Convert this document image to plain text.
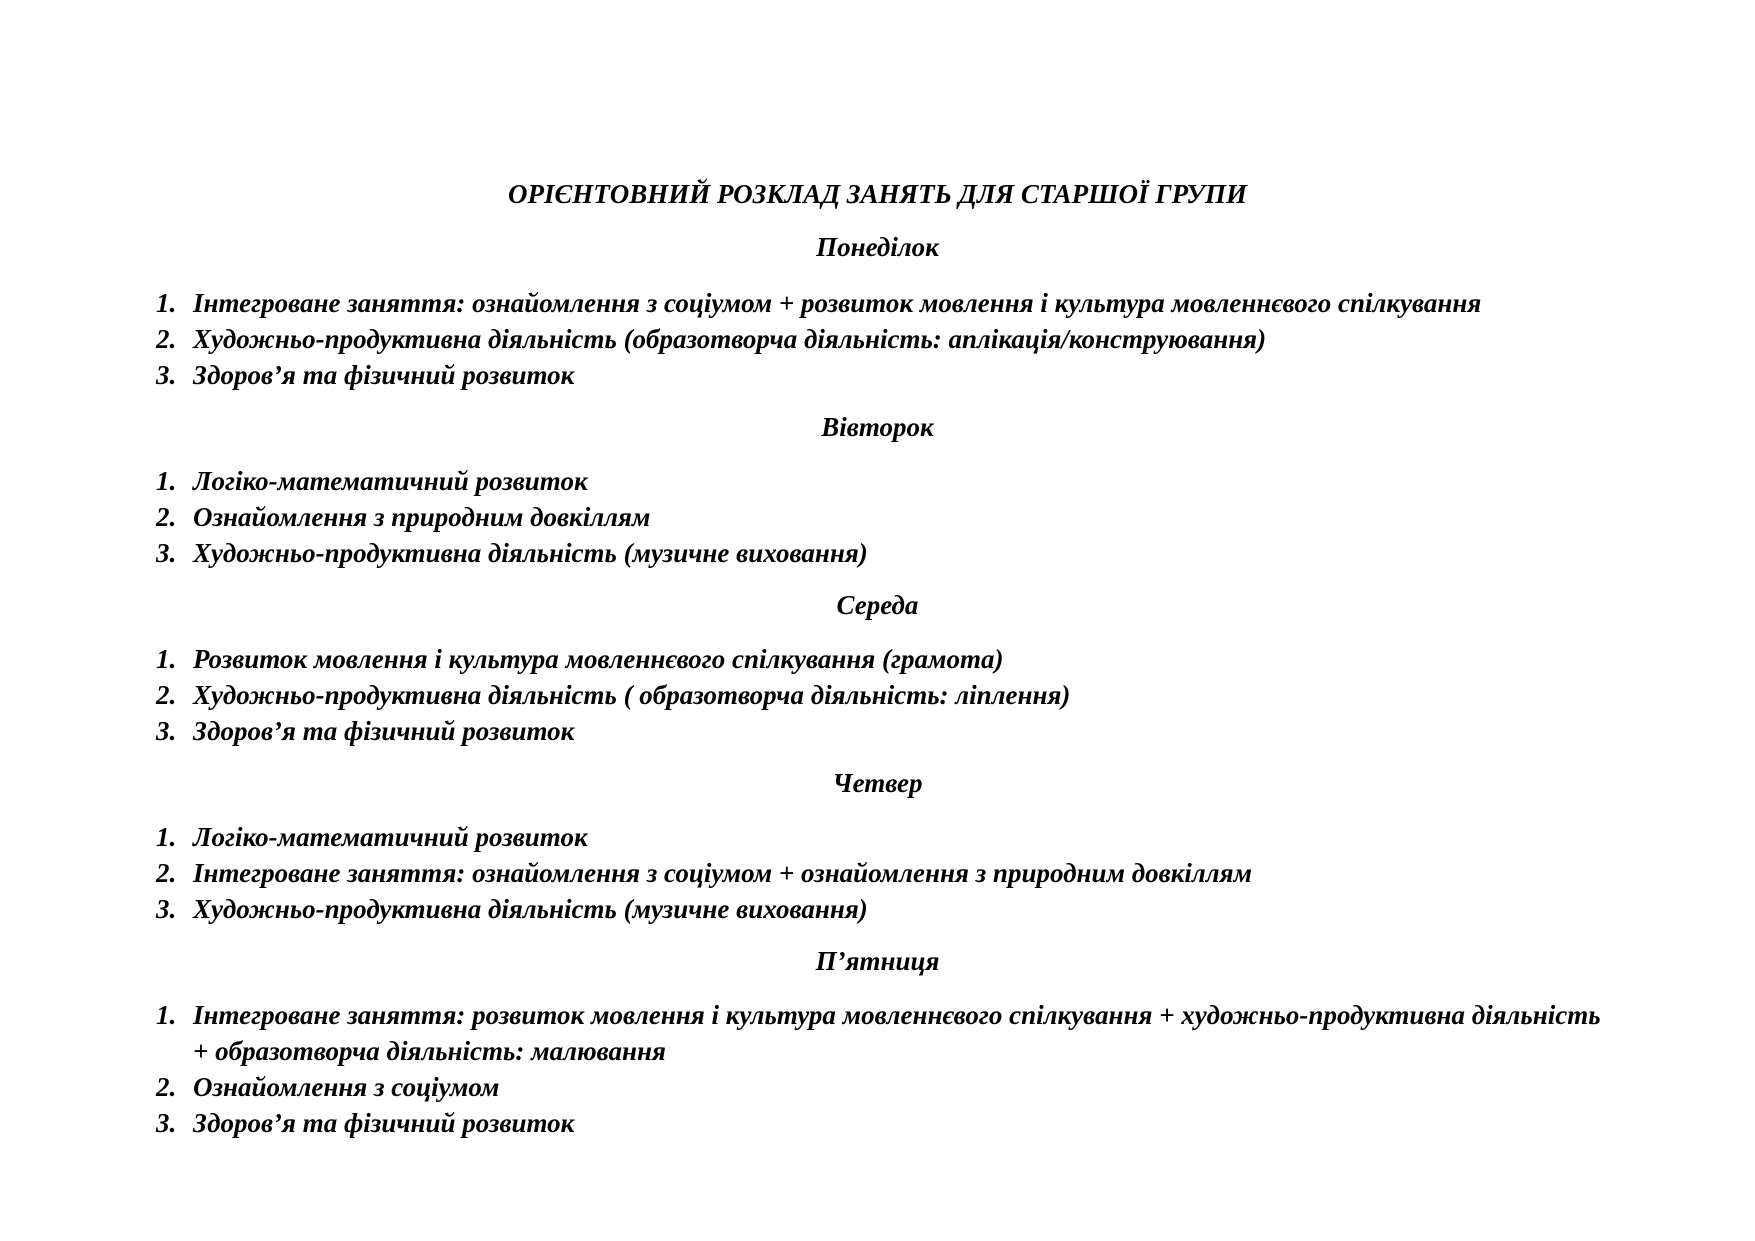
ОРІЄНТОВНИЙ РОЗКЛАД ЗАНЯТЬ ДЛЯ СТАРШОЇ ГРУПИ
Понеділок
1. Інтегроване заняття: ознайомлення з соціумом + розвиток мовлення і культура мовленнєвого спілкування
2. Художньо-продуктивна діяльність (образотворча діяльність: аплікація/конструювання)
3. Здоров’я та фізичний розвиток
Вівторок
1. Логіко-математичний розвиток
2. Ознайомлення з природним довкіллям
3. Художньо-продуктивна діяльність (музичне виховання)
Середа
1. Розвиток мовлення і культура мовленнєвого спілкування (грамота)
2. Художньо-продуктивна діяльність ( образотворча діяльність: ліплення)
3. Здоров’я та фізичний розвиток
Четвер
1. Логіко-математичний розвиток
2. Інтегроване заняття: ознайомлення з соціумом + ознайомлення з природним довкіллям
3. Художньо-продуктивна діяльність (музичне виховання)
П’ятниця
1. Інтегроване заняття: розвиток мовлення і культура мовленнєвого спілкування + художньо-продуктивна діяльність + образотворча діяльність: малювання
2. Ознайомлення з соціумом
3. Здоров’я та фізичний розвиток
